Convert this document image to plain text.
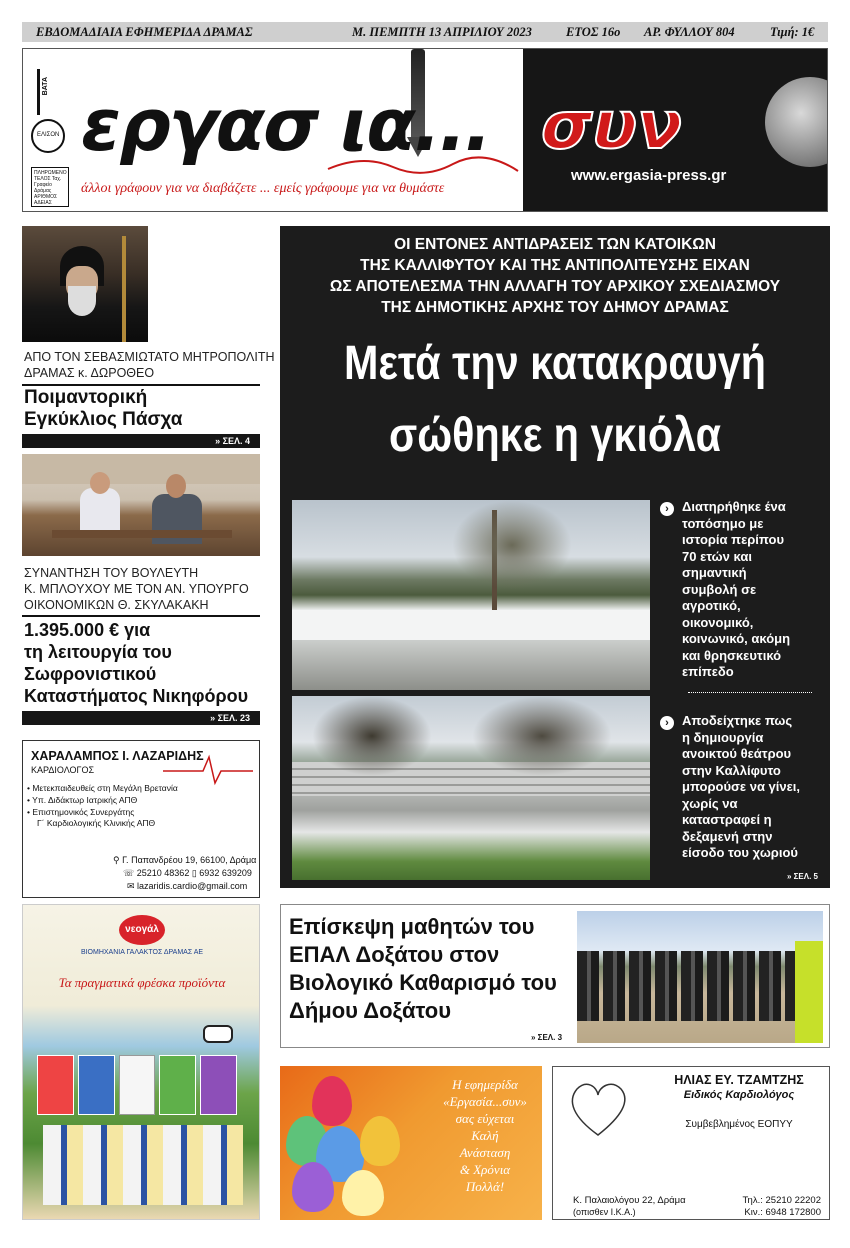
ΕΒΔΟΜΑΔΙΑΙΑ ΕΦΗΜΕΡΙΔΑ ΔΡΑΜΑΣ	Μ. ΠΕΜΠΤΗ 13 ΑΠΡΙΛΙΟΥ 2023	ΕΤΟΣ 16ο ΑΡ. ΦΥΛΛΟΥ 804	Τιμή: 1€
ΒΑΤΑ
ΕΛΙΣΟΝ
ΠΛΗΡΩΜΕΝΟ ΤΕΛΟΣ Ταχ. Γραφείο Δράμας ΑΡΙΘΜΟΣ ΑΔΕΙΑΣ
εργασ ια... συν
άλλοι γράφουν για να διαβάζετε ... εμείς γράφουμε για να θυμάστε
www.ergasia-press.gr
ΑΠΟ ΤΟΝ ΣΕΒΑΣΜΙΩΤΑΤΟ ΜΗΤΡΟΠΟΛΙΤΗ
ΔΡΑΜΑΣ κ. ΔΩΡΟΘΕΟ
Ποιμαντορική
Εγκύκλιος Πάσχα
» ΣΕΛ. 4
ΣΥΝΑΝΤΗΣΗ ΤΟΥ ΒΟΥΛΕΥΤΗ
Κ. ΜΠΛΟΥΧΟΥ ΜΕ ΤΟΝ ΑΝ. ΥΠΟΥΡΓΟ
ΟΙΚΟΝΟΜΙΚΩΝ Θ. ΣΚΥΛΑΚΑΚΗ
1.395.000 € για
τη λειτουργία του
Σωφρονιστικού
Καταστήματος Νικηφόρου
» ΣΕΛ. 23
ΧΑΡΑΛΑΜΠΟΣ Ι. ΛΑΖΑΡΙΔΗΣ
ΚΑΡΔΙΟΛΟΓΟΣ
• Μετεκπαιδευθείς στη Μεγάλη Βρετανία
• Υπ. Διδάκτωρ Ιατρικής ΑΠΘ
• Επιστημονικός Συνεργάτης
Γ΄ Καρδιολογικής Κλινικής ΑΠΘ
⚲ Γ. Παπανδρέου 19, 66100, Δράμα
☏ 25210 48362 ▯ 6932 639209
✉ lazaridis.cardio@gmail.com
ΟΙ ΕΝΤΟΝΕΣ ΑΝΤΙΔΡΑΣΕΙΣ ΤΩΝ ΚΑΤΟΙΚΩΝ
ΤΗΣ ΚΑΛΛΙΦΥΤΟΥ ΚΑΙ ΤΗΣ ΑΝΤΙΠΟΛΙΤΕΥΣΗΣ ΕΙΧΑΝ
ΩΣ ΑΠΟΤΕΛΕΣΜΑ ΤΗΝ ΑΛΛΑΓΗ ΤΟΥ ΑΡΧΙΚΟΥ ΣΧΕΔΙΑΣΜΟΥ
ΤΗΣ ΔΗΜΟΤΙΚΗΣ ΑΡΧΗΣ ΤΟΥ ΔΗΜΟΥ ΔΡΑΜΑΣ
Μετά την κατακραυγή
σώθηκε η γκιόλα
›	Διατηρήθηκε ένα τοπόσημο με ιστορία περίπου 70 ετών και σημαντική συμβολή σε αγροτικό, οικονομικό, κοινωνικό, ακόμη και θρησκευτικό επίπεδο
›	Αποδείχτηκε πως η δημιουργία ανοικτού θεάτρου στην Καλλίφυτο μπορούσε να γίνει, χωρίς να καταστραφεί η δεξαμενή στην είσοδο του χωριού
» ΣΕΛ. 5
νεογάλ
ΒΙΟΜΗΧΑΝΙΑ ΓΑΛΑΚΤΟΣ ΔΡΑΜΑΣ ΑΕ
Τα πραγματικά φρέσκα προϊόντα
Επίσκεψη μαθητών του ΕΠΑΛ Δοξάτου στον Βιολογικό Καθαρισμό του Δήμου Δοξάτου
» ΣΕΛ. 3
Η εφημερίδα
«Εργασία...συν»
σας εύχεται
Καλή
Ανάσταση
& Χρόνια
Πολλά!
ΗΛΙΑΣ ΕΥ. ΤΖΑΜΤΖΗΣ
Ειδικός Καρδιολόγος
Συμβεβλημένος ΕΟΠΥΥ
Κ. Παλαιολόγου 22, Δράμα
(οπισθεν Ι.Κ.Α.)
Τηλ.: 25210 22202
Κιν.: 6948 172800
